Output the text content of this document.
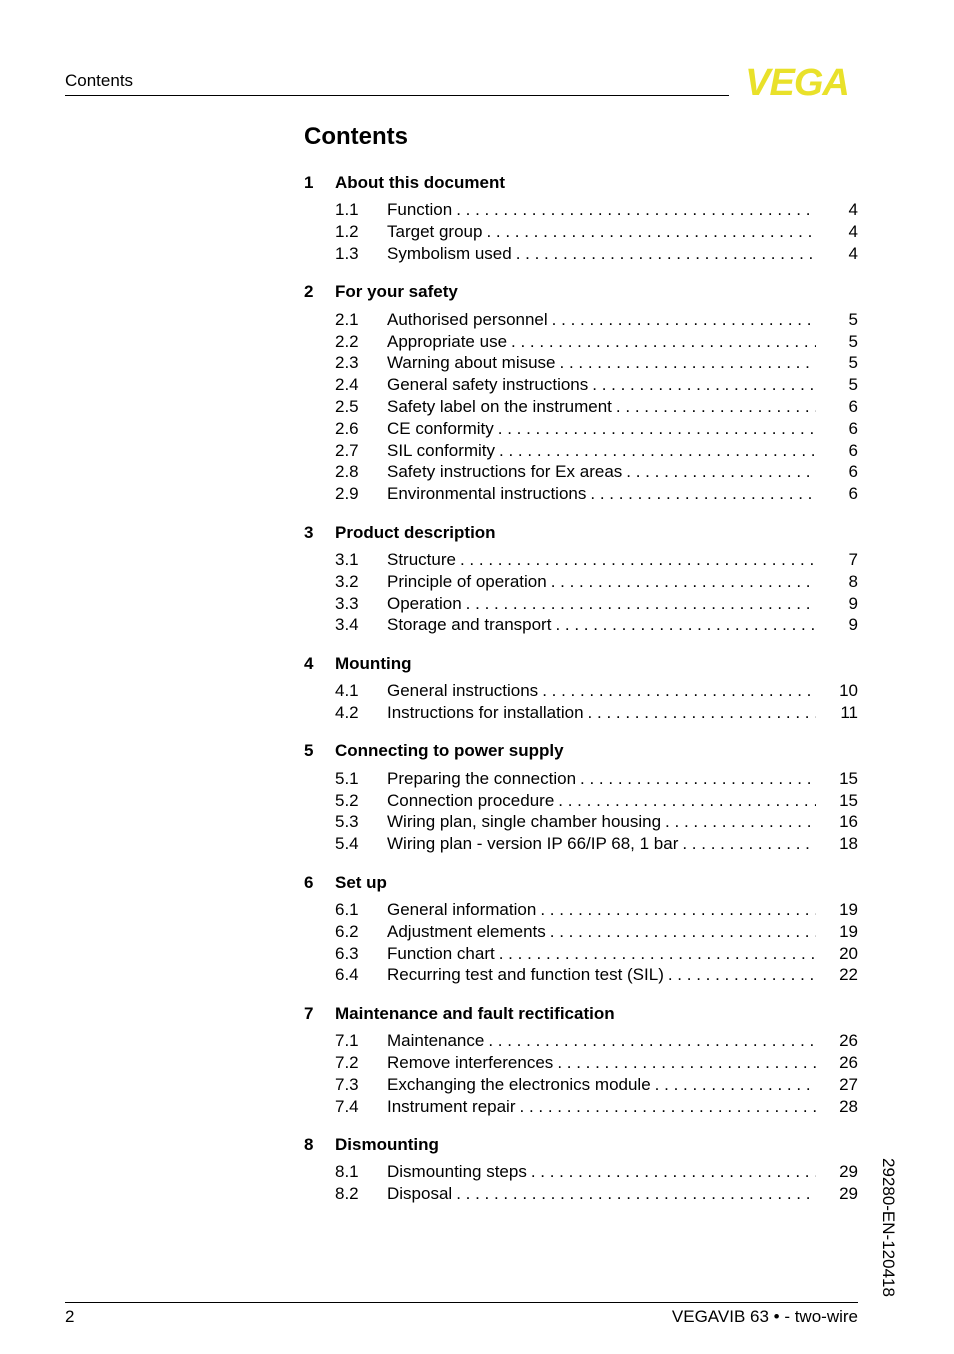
Contents	VEGA
Contents
1	About this document
1.1	Function . . .	4
1.2	Target group . . .	4
1.3	Symbolism used . . .	4
2	For your safety
2.1	Authorised personnel . . .	5
2.2	Appropriate use . . .	5
2.3	Warning about misuse . . .	5
2.4	General safety instructions . . .	5
2.5	Safety label on the instrument . . .	6
2.6	CE conformity . . .	6
2.7	SIL conformity . . .	6
2.8	Safety instructions for Ex areas . . .	6
2.9	Environmental instructions . . .	6
3	Product description
3.1	Structure . . .	7
3.2	Principle of operation . . .	8
3.3	Operation . . .	9
3.4	Storage and transport . . .	9
4	Mounting
4.1	General instructions . . .	10
4.2	Instructions for installation . . .	11
5	Connecting to power supply
5.1	Preparing the connection . . .	15
5.2	Connection procedure . . .	15
5.3	Wiring plan, single chamber housing . . .	16
5.4	Wiring plan - version IP 66/IP 68, 1 bar . . .	18
6	Set up
6.1	General information . . .	19
6.2	Adjustment elements . . .	19
6.3	Function chart . . .	20
6.4	Recurring test and function test (SIL) . . .	22
7	Maintenance and fault rectification
7.1	Maintenance . . .	26
7.2	Remove interferences . . .	26
7.3	Exchanging the electronics module . . .	27
7.4	Instrument repair . . .	28
8	Dismounting
8.1	Dismounting steps . . .	29
8.2	Disposal . . .	29 29280-EN-120418
2	VEGAVIB 63 • - two-wire
